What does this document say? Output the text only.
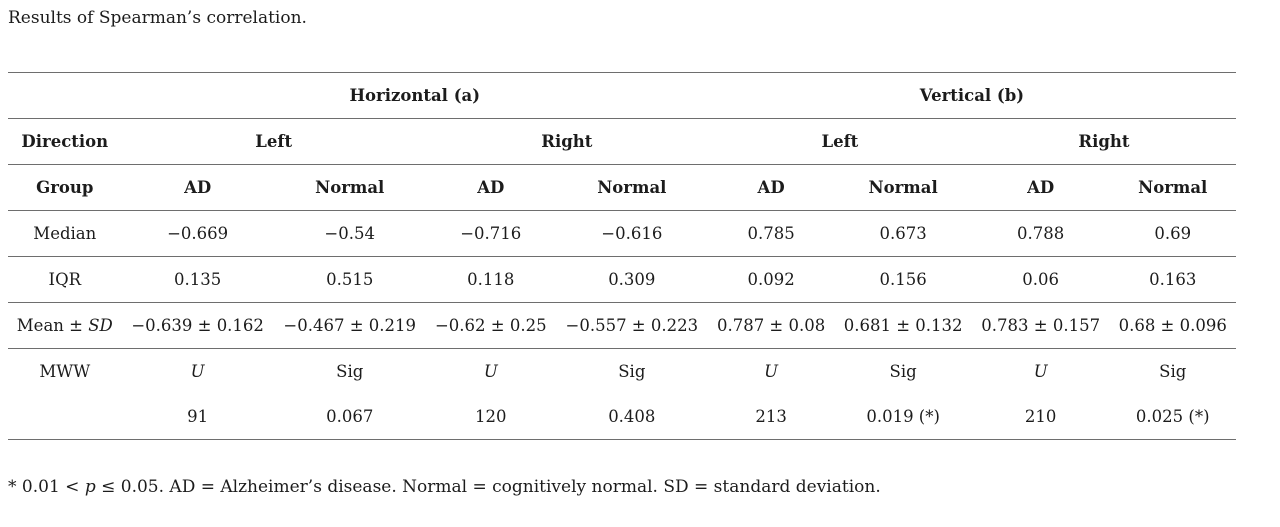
Results of Spearman’s correlation.
	Horizontal (a)				Vertical (b)			
Direction	Left		Right		Left		Right	
Group	AD	Normal	AD	Normal	AD	Normal	AD	Normal
Median	−0.669	−0.54	−0.716	−0.616	0.785	0.673	0.788	0.69
IQR	0.135	0.515	0.118	0.309	0.092	0.156	0.06	0.163
Mean ± SD	−0.639 ± 0.162	−0.467 ± 0.219	−0.62 ± 0.25	−0.557 ± 0.223	0.787 ± 0.08	0.681 ± 0.132	0.783 ± 0.157	0.68 ± 0.096
MWW	U	Sig	U	Sig	U	Sig	U	Sig
	91	0.067	120	0.408	213	0.019 (*)	210	0.025 (*)
* 0.01 < p ≤ 0.05. AD = Alzheimer’s disease. Normal = cognitively normal. SD = standard deviation.
